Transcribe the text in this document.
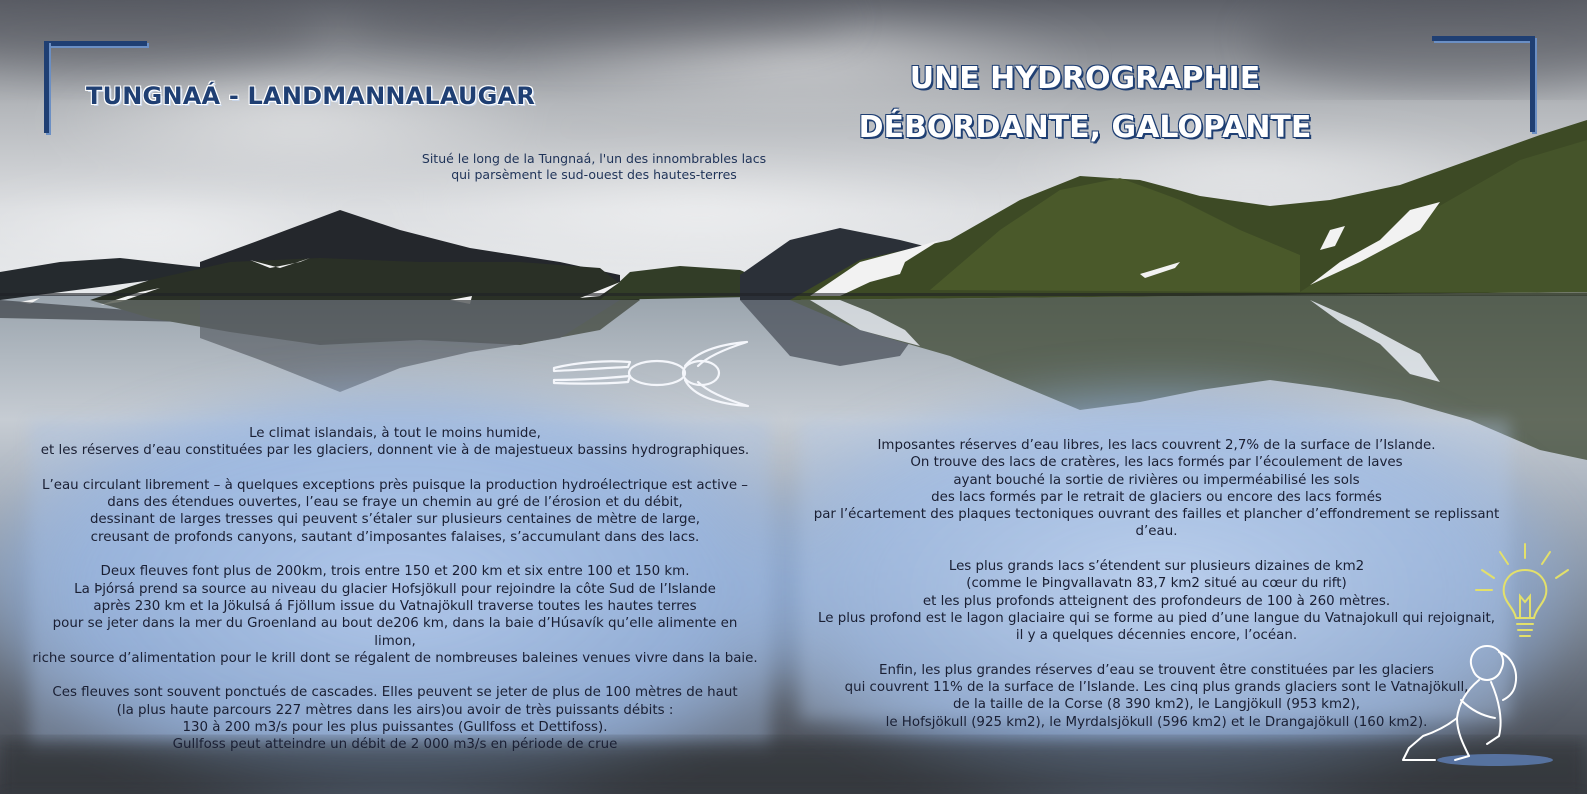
TUNGNAÁ - LANDMANNALAUGAR	UNE HYDROGRAPHIE
DÉBORDANTE, GALOPANTE
Situé le long de la Tungnaá, l'un des innombrables lacs
qui parsèment le sud-ouest des hautes-terres

Le climat islandais, à tout le moins humide,
et les réserves d’eau constituées par les glaciers, donnent vie à de majestueux bassins hydrographiques.

L’eau circulant librement – à quelques exceptions près puisque la production hydroélectrique est active –
dans des étendues ouvertes, l’eau se fraye un chemin au gré de l’érosion et du débit,
dessinant de larges tresses qui peuvent s’étaler sur plusieurs centaines de mètre de large,
creusant de profonds canyons, sautant d’imposantes falaises, s’accumulant dans des lacs.

Deux fleuves font plus de 200km, trois entre 150 et 200 km et six entre 100 et 150 km.
La Þjórsá prend sa source au niveau du glacier Hofsjökull pour rejoindre la côte Sud de l’Islande
après 230 km et la Jökulsá á Fjöllum issue du Vatnajökull traverse toutes les hautes terres
pour se jeter dans la mer du Groenland au bout de206 km, dans la baie d’Húsavík qu’elle alimente en limon,
riche source d’alimentation pour le krill dont se régalent de nombreuses baleines venues vivre dans la baie.

Ces fleuves sont souvent ponctués de cascades. Elles peuvent se jeter de plus de 100 mètres de haut
(la plus haute parcours 227 mètres dans les airs)ou avoir de très puissants débits :
130 à 200 m3/s pour les plus puissantes (Gullfoss et Dettifoss).
Gullfoss peut atteindre un débit de 2 000 m3/s en période de crue

Imposantes réserves d’eau libres, les lacs couvrent 2,7% de la surface de l’Islande.
On trouve des lacs de cratères, les lacs formés par l’écoulement de laves
ayant bouché la sortie de rivières ou imperméabilisé les sols
des lacs formés par le retrait de glaciers ou encore des lacs formés
par l’écartement des plaques tectoniques ouvrant des failles et plancher d’effondrement se replissant d’eau.

Les plus grands lacs s’étendent sur plusieurs dizaines de km2
(comme le Þingvallavatn 83,7 km2 situé au cœur du rift)
et les plus profonds atteignent des profondeurs de 100 à 260 mètres.
Le plus profond est le lagon glaciaire qui se forme au pied d’une langue du Vatnajokull qui rejoignait,
il y a quelques décennies encore, l’océan.

Enfin, les plus grandes réserves d’eau se trouvent être constituées par les glaciers
qui couvrent 11% de la surface de l’Islande. Les cinq plus grands glaciers sont le Vatnajökull,
de la taille de la Corse (8 390 km2), le Langjökull (953 km2),
le Hofsjökull (925 km2), le Myrdalsjökull (596 km2) et le Drangajökull (160 km2).
